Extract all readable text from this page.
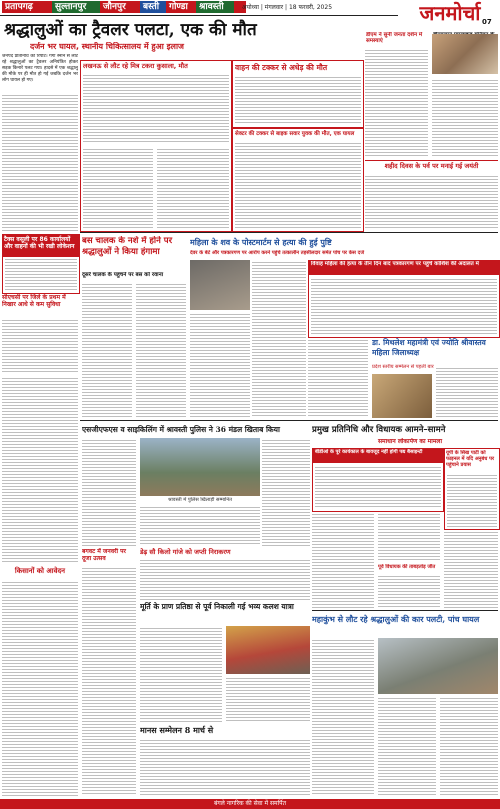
प्रतापगढ़	सुल्तानपुर	जौनपुर	बस्ती	गोण्डा	श्रावस्ती	अयोध्या | मंगलवार | 18 फरवरी, 2025	जनमोर्चा 07
श्रद्धालुओं का ट्रैवलर पलटा, एक की मौत
दर्जन भर घायल, स्थानीय चिकित्सालय में हुआ इलाज
जनपद प्रतिनिधि की रिपोर्ट। गंगा स्नान से लौट रहे श्रद्धालुओं का ट्रैवलर अनियंत्रित होकर सड़क किनारे पलट गया। हादसे में एक श्रद्धालु की मौके पर ही मौत हो गई जबकि दर्जन भर लोग घायल हो गए।
लखनऊ से लौट रहे मित्र टकरा कुसाला, मौत	वाहन की टक्कर से अधेड़ की मौत
सेक्टर की टक्कर से बाइक सवार युवक की मौत, एक घायल
डीएम ने सुनी जनता दर्शन में समस्याएं
शहीद दिवस के पर्व पर मनाई गई जयंती
टैक्स वसूली पर 86 कार्यालयों और वाहनों की भी रखी लोकेशन
सीएचसी पर जिले के प्रथम में निखार आधे से कम सुविधा
किसानों को आवेदन
बस चालक के नशे में होने पर श्रद्धालुओं ने किया हंगामा
दूसरे चालक के पहुंचने पर बस को रवाना
महिला के शव के पोस्टमार्टम से हत्या की हुई पुष्टि
देवर के बेटे और पत्रकारगण पर आरोप करने पहुंचे तत्कालीन तहसीलदार समेत पांच पर केस दर्ज
विवाह महिला की हत्या के तीन दिन बाद पत्रकारगण पर पहुंचे कोशिश की अदालत में
डा. मिथलेश महामंत्री एवं ज्योति श्रीवास्तव महिला जिलाध्यक्ष
प्रदेश स्तरीय सम्मेलन से पहली बार
एसजीएफएस व साइकिलिंग में श्रावस्ती पुलिस ने 36 मंडल खिताब किया
श्रावस्ती में पुलिस खिलाड़ी सम्मानित
डेढ़ सौ किलो गांजे को जप्ती निराकरण
बगवट में जनवरी पर दूजा उत्सव
मूर्ति के प्राण प्रतिष्ठा से पूर्व निकाली गई भव्य कलश यात्रा
मानस सम्मेलन 8 मार्च से
प्रमुख प्रतिनिधि और विधायक आमने–सामने
समाधान लोकार्पण का मामला
बीडीओ के पूरे कार्यकाल के बावजूद नहीं होगी पद्य बैसाइन्टी	यूपी के सिख पार्टी को फाइनल में यदि अनुबंध पर पहुंचाने प्रयास
पूर्व विधायक की ताबड़तोड़ जीत
महाकुंभ से लौट रहे श्रद्धालुओं की कार पलटी, पांच घायल
बंगले नागरिक की सेवा में समर्पित
